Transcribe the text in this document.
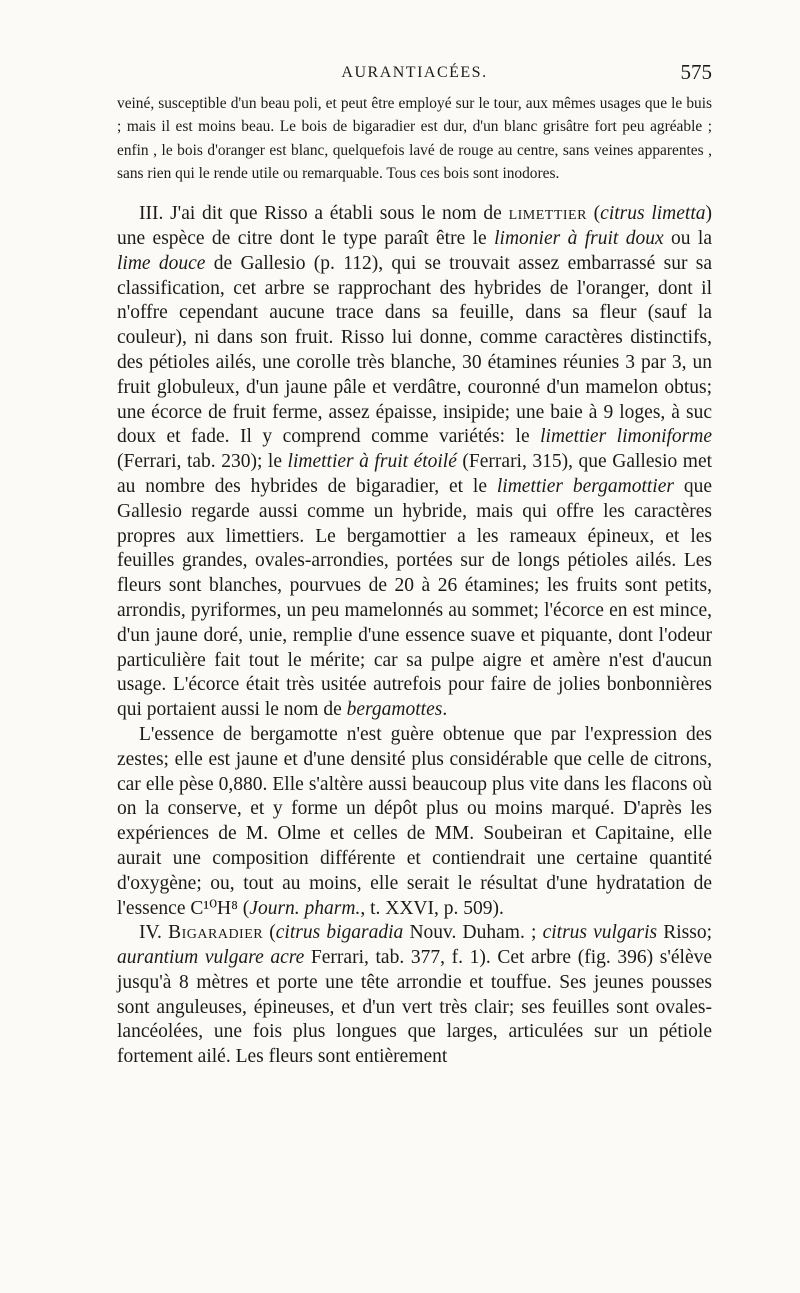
AURANTIACÉES.	575

veiné, susceptible d'un beau poli, et peut être employé sur le tour, aux mêmes usages que le buis ; mais il est moins beau. Le bois de bigaradier est dur, d'un blanc grisâtre fort peu agréable ; enfin , le bois d'oranger est blanc, quelquefois lavé de rouge au centre, sans veines apparentes , sans rien qui le rende utile ou remarquable. Tous ces bois sont inodores.

III. J'ai dit que Risso a établi sous le nom de limettier (citrus limetta) une espèce de citre dont le type paraît être le limonier à fruit doux ou la lime douce de Gallesio (p. 112), qui se trouvait assez embarrassé sur sa classification, cet arbre se rapprochant des hybrides de l'oranger, dont il n'offre cependant aucune trace dans sa feuille, dans sa fleur (sauf la couleur), ni dans son fruit. Risso lui donne, comme caractères distinctifs, des pétioles ailés, une corolle très blanche, 30 étamines réunies 3 par 3, un fruit globuleux, d'un jaune pâle et verdâtre, couronné d'un mamelon obtus; une écorce de fruit ferme, assez épaisse, insipide; une baie à 9 loges, à suc doux et fade. Il y comprend comme variétés: le limettier limoniforme (Ferrari, tab. 230); le limettier à fruit étoilé (Ferrari, 315), que Gallesio met au nombre des hybrides de bigaradier, et le limettier bergamottier que Gallesio regarde aussi comme un hybride, mais qui offre les caractères propres aux limettiers. Le bergamottier a les rameaux épineux, et les feuilles grandes, ovales-arrondies, portées sur de longs pétioles ailés. Les fleurs sont blanches, pourvues de 20 à 26 étamines; les fruits sont petits, arrondis, pyriformes, un peu mamelonnés au sommet; l'écorce en est mince, d'un jaune doré, unie, remplie d'une essence suave et piquante, dont l'odeur particulière fait tout le mérite; car sa pulpe aigre et amère n'est d'aucun usage. L'écorce était très usitée autrefois pour faire de jolies bonbonnières qui portaient aussi le nom de bergamottes.

L'essence de bergamotte n'est guère obtenue que par l'expression des zestes; elle est jaune et d'une densité plus considérable que celle de citrons, car elle pèse 0,880. Elle s'altère aussi beaucoup plus vite dans les flacons où on la conserve, et y forme un dépôt plus ou moins marqué. D'après les expériences de M. Olme et celles de MM. Soubeiran et Capitaine, elle aurait une composition différente et contiendrait une certaine quantité d'oxygène; ou, tout au moins, elle serait le résultat d'une hydratation de l'essence C¹⁰H⁸ (Journ. pharm., t. XXVI, p. 509).

IV. Bigaradier (citrus bigaradia Nouv. Duham. ; citrus vulgaris Risso; aurantium vulgare acre Ferrari, tab. 377, f. 1). Cet arbre (fig. 396) s'élève jusqu'à 8 mètres et porte une tête arrondie et touffue. Ses jeunes pousses sont anguleuses, épineuses, et d'un vert très clair; ses feuilles sont ovales-lancéolées, une fois plus longues que larges, articulées sur un pétiole fortement ailé. Les fleurs sont entièrement
